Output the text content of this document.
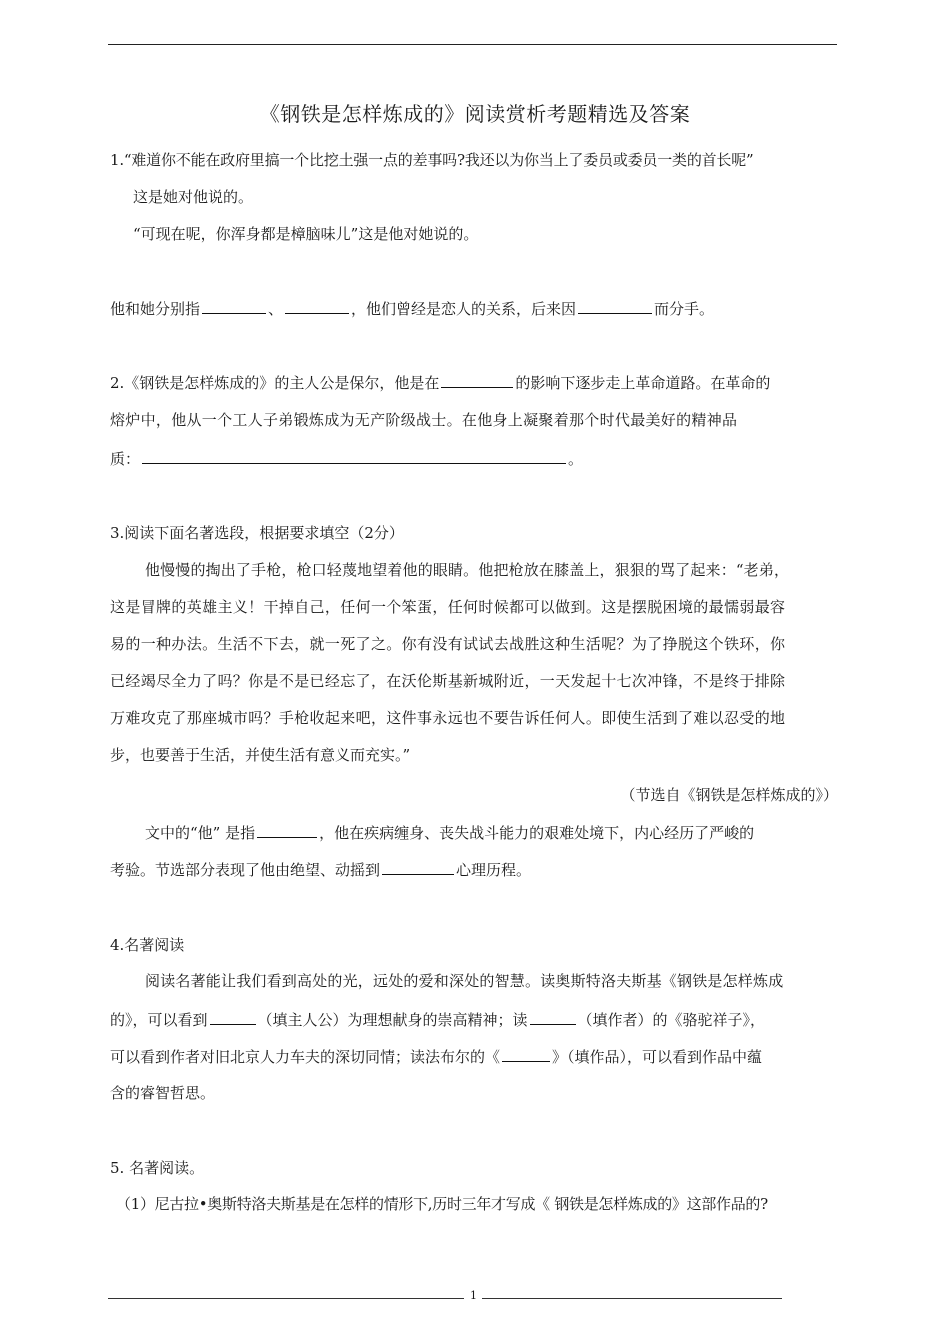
《钢铁是怎样炼成的》阅读赏析考题精选及答案
1.“难道你不能在政府里搞一个比挖土强一点的差事吗?我还以为你当上了委员或委员一类的首长呢”
这是她对他说的。
“可现在呢，你浑身都是樟脑味儿”这是他对她说的。
他和她分别指	、	，他们曾经是恋人的关系，后来因	而分手。
2.《钢铁是怎样炼成的》的主人公是保尔，他是在	的影响下逐步走上革命道路。在革命的
熔炉中，他从一个工人子弟锻炼成为无产阶级战士。在他身上凝聚着那个时代最美好的精神品
质：	。
3.阅读下面名著选段，根据要求填空（2分）
他慢慢的掏出了手枪，枪口轻蔑地望着他的眼睛。他把枪放在膝盖上，狠狠的骂了起来：“老弟，
这是冒牌的英雄主义！干掉自己，任何一个笨蛋，任何时候都可以做到。这是摆脱困境的最懦弱最容
易的一种办法。生活不下去，就一死了之。你有没有试试去战胜这种生活呢？为了挣脱这个铁环，你
已经竭尽全力了吗？你是不是已经忘了，在沃伦斯基新城附近，一天发起十七次冲锋，不是终于排除
万难攻克了那座城市吗？手枪收起来吧，这件事永远也不要告诉任何人。即使生活到了难以忍受的地
步，也要善于生活，并使生活有意义而充实。”
（节选自《钢铁是怎样炼成的》）
文中的“他” 是指	，他在疾病缠身、丧失战斗能力的艰难处境下，内心经历了严峻的
考验。节选部分表现了他由绝望、动摇到	心理历程。
4.名著阅读
阅读名著能让我们看到高处的光，远处的爱和深处的智慧。读奥斯特洛夫斯基《钢铁是怎样炼成
的》，可以看到	（填主人公）为理想献身的崇高精神；读	（填作者）的《骆驼祥子》，
可以看到作者对旧北京人力车夫的深切同情；读法布尔的《	》（填作品），可以看到作品中蕴
含的睿智哲思。
5. 名著阅读。
（1）尼古拉•奥斯特洛夫斯基是在怎样的情形下,历时三年才写成《 钢铁是怎样炼成的》这部作品的?
1
